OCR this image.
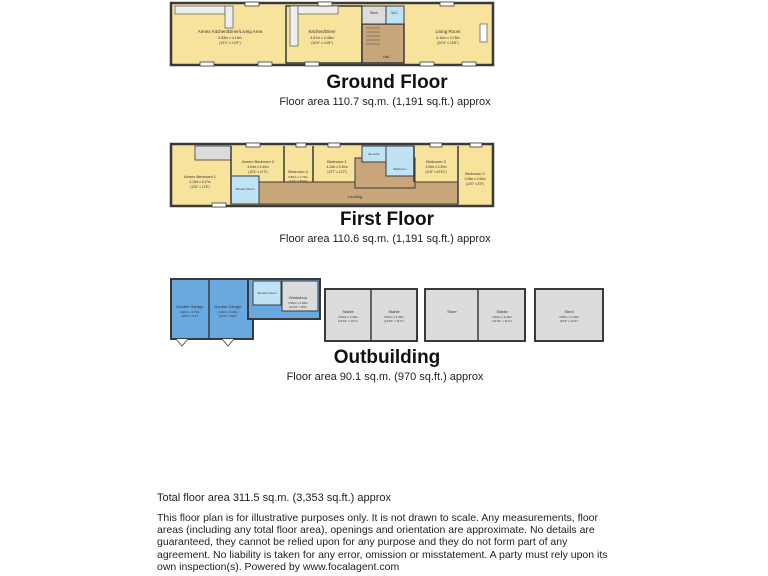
Annex Kitchen/Diner/Living Area
5.83m x 4.19m
(19'1" x 13'9")
Kitchen/Diner
4.87m x 4.48m
(16'0" x 14'8")
Store	W.C.
Hall
Living Room
6.10m x 4.78m
(20'0" x 15'8")
Annex Bedroom 1
4.10m x 3.47m
(13'5" x 11'5")
Annex Bedroom 2
4.64m x 3.44m
(15'3" x 11'3")
Shower Room
Bedroom 4
3.80m x 2.70m
(12'6" x 8'10")
Bedroom 1
4.14m x 3.40m
(13'7" x 11'2")
En-suite
Bathroom
Bedroom 3
3.50m x 3.30m
(11'6" x 10'10")	Bedroom 2
3.05m x 2.66m
(10'0" x 8'9")
Landing
Double Garage
6.20m x 2.79m
(20'4" x 9'2")
Double Garage
4.20m x 3.26m
(13'9" x 10'8")
Shower Room
Workshop
3.90m x 2.60m
(12'10" x 8'6")
Stable
3.60m x 3.40m
(11'10" x 11'2")
Stable
3.60m x 3.40m
(11'10" x 11'2")
Store	Stable
3.60m x 3.40m
(11'10" x 11'2")
Shed
4.80m x 3.40m
(15'9" x 11'2")
Ground Floor
Floor area 110.7 sq.m. (1,191 sq.ft.) approx
First Floor
Floor area 110.6 sq.m. (1,191 sq.ft.) approx
Outbuilding
Floor area 90.1 sq.m. (970 sq.ft.) approx
Total floor area 311.5 sq.m. (3,353 sq.ft.) approx
This floor plan is for illustrative purposes only. It is not drawn to scale. Any measurements, floor areas (including any total floor area), openings and orientation are approximate. No details are guaranteed, they cannot be relied upon for any purpose and they do not form part of any agreement. No liability is taken for any error, omission or misstatement. A party must rely upon its own inspection(s). Powered by www.focalagent.com
